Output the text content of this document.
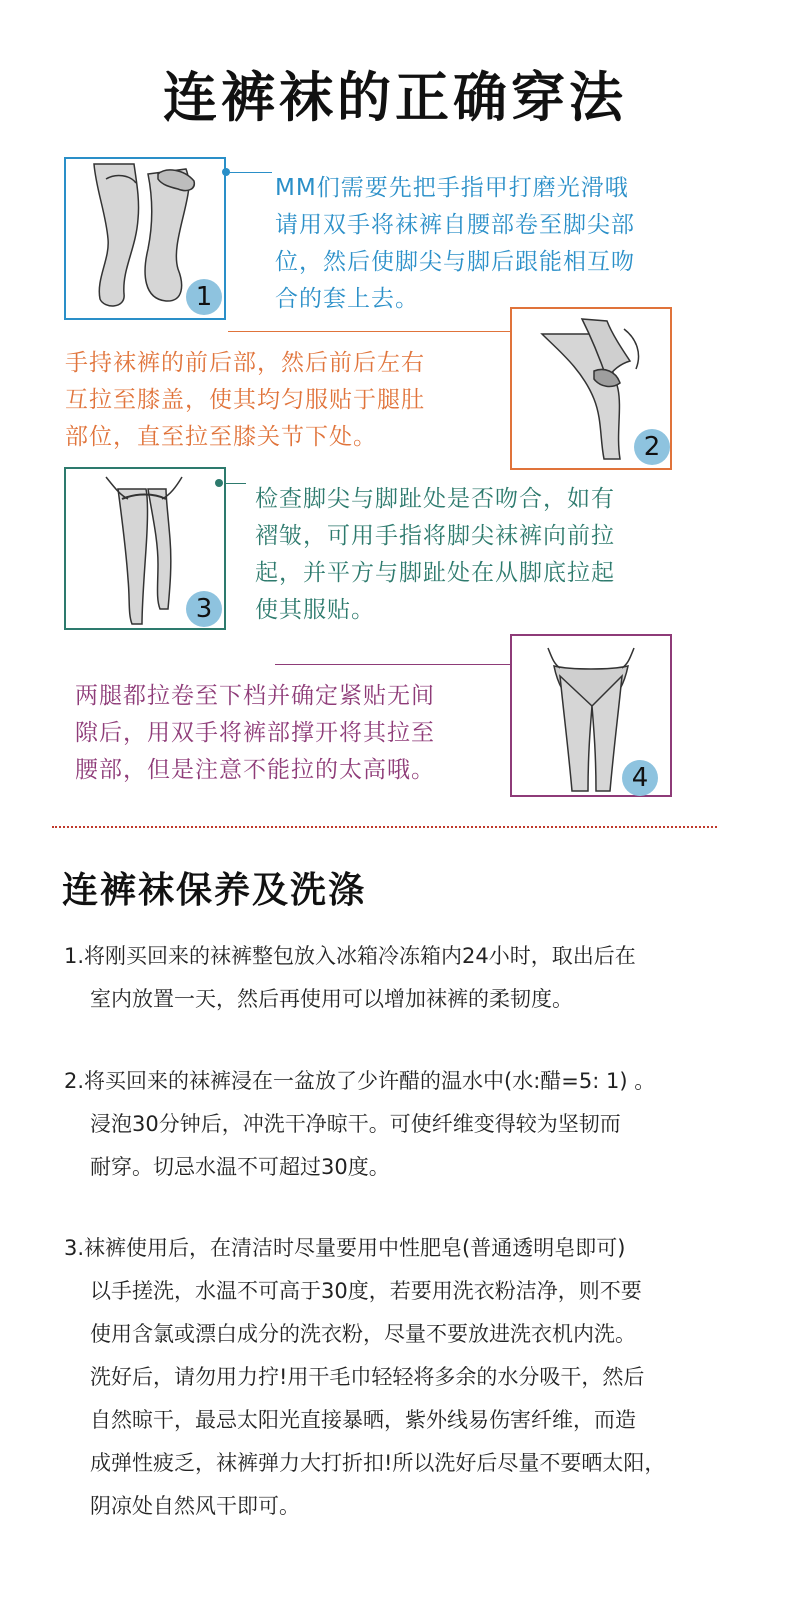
连裤袜的正确穿法
1
MM们需要先把手指甲打磨光滑哦
请用双手将袜裤自腰部卷至脚尖部
位，然后使脚尖与脚后跟能相互吻
合的套上去。
手持袜裤的前后部，然后前后左右
互拉至膝盖，使其均匀服贴于腿肚
部位，直至拉至膝关节下处。	2
3
检查脚尖与脚趾处是否吻合，如有
褶皱，可用手指将脚尖袜裤向前拉
起，并平方与脚趾处在从脚底拉起
使其服贴。
两腿都拉卷至下档并确定紧贴无间
隙后，用双手将裤部撑开将其拉至
腰部，但是注意不能拉的太高哦。	4
连裤袜保养及洗涤
1.将刚买回来的袜裤整包放入冰箱冷冻箱内24小时，取出后在
室内放置一天，然后再使用可以增加袜裤的柔韧度。
2.将买回来的袜裤浸在一盆放了少许醋的温水中(水:醋=5: 1) 。
浸泡30分钟后，冲洗干净晾干。可使纤维变得较为坚韧而
耐穿。切忌水温不可超过30度。
3.袜裤使用后，在清洁时尽量要用中性肥皂(普通透明皂即可)
以手搓洗，水温不可高于30度，若要用洗衣粉洁净，则不要
使用含氯或漂白成分的洗衣粉，尽量不要放进洗衣机内洗。
洗好后，请勿用力拧!用干毛巾轻轻将多余的水分吸干，然后
自然晾干，最忌太阳光直接暴晒，紫外线易伤害纤维，而造
成弹性疲乏，袜裤弹力大打折扣!所以洗好后尽量不要晒太阳，
阴凉处自然风干即可。
